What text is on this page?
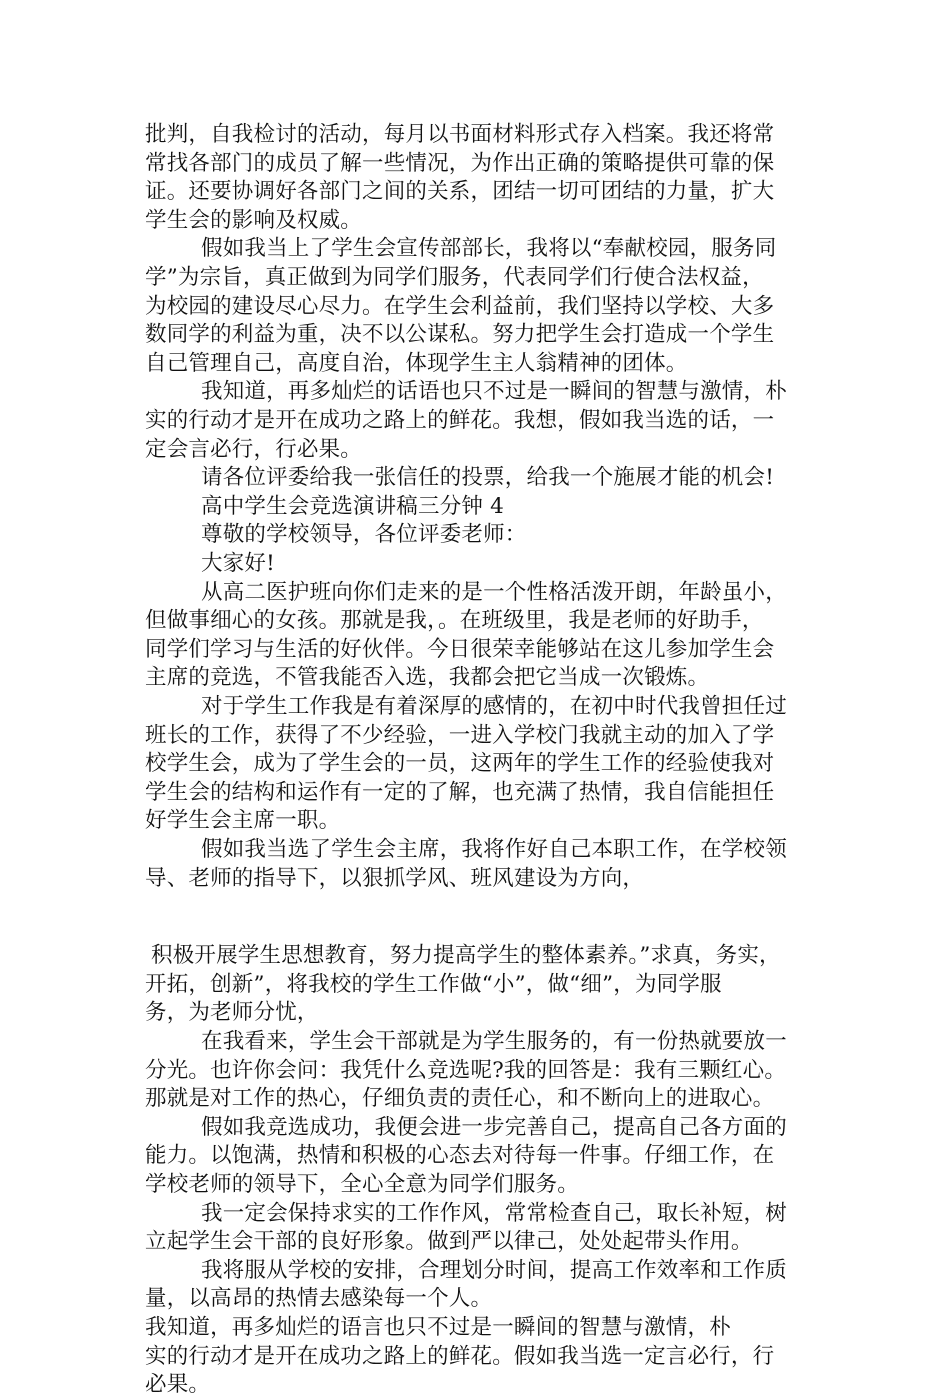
批判，自我检讨的活动，每月以书面材料形式存入档案。我还将常
常找各部门的成员了解一些情况，为作出正确的策略提供可靠的保
证。还要协调好各部门之间的关系，团结一切可团结的力量，扩大
学生会的影响及权威。
假如我当上了学生会宣传部部长，我将以“奉献校园，服务同
学”为宗旨，真正做到为同学们服务，代表同学们行使合法权益，
为校园的建设尽心尽力。在学生会利益前，我们坚持以学校、大多
数同学的利益为重，决不以公谋私。努力把学生会打造成一个学生
自己管理自己，高度自治，体现学生主人翁精神的团体。
我知道，再多灿烂的话语也只不过是一瞬间的智慧与激情，朴
实的行动才是开在成功之路上的鲜花。我想，假如我当选的话，一
定会言必行，行必果。
请各位评委给我一张信任的投票，给我一个施展才能的机会!
高中学生会竞选演讲稿三分钟 4
尊敬的学校领导，各位评委老师：
大家好!
从高二医护班向你们走来的是一个性格活泼开朗，年龄虽小，
但做事细心的女孩。那就是我，。在班级里，我是老师的好助手，
同学们学习与生活的好伙伴。今日很荣幸能够站在这儿参加学生会
主席的竞选，不管我能否入选，我都会把它当成一次锻炼。
对于学生工作我是有着深厚的感情的，在初中时代我曾担任过
班长的工作，获得了不少经验，一进入学校门我就主动的加入了学
校学生会，成为了学生会的一员，这两年的学生工作的经验使我对
学生会的结构和运作有一定的了解，也充满了热情，我自信能担任
好学生会主席一职。
假如我当选了学生会主席，我将作好自己本职工作，在学校领
导、老师的指导下，以狠抓学风、班风建设为方向，
积极开展学生思想教育，努力提高学生的整体素养。”求真，务实，
开拓，创新”，将我校的学生工作做“小”，做“细”，为同学服
务，为老师分忧，
在我看来，学生会干部就是为学生服务的，有一份热就要放一
分光。也许你会问：我凭什么竞选呢?我的回答是：我有三颗红心。
那就是对工作的热心，仔细负责的责任心，和不断向上的进取心。
假如我竞选成功，我便会进一步完善自己，提高自己各方面的
能力。以饱满，热情和积极的心态去对待每一件事。仔细工作，在
学校老师的领导下，全心全意为同学们服务。
我一定会保持求实的工作作风，常常检查自己，取长补短，树
立起学生会干部的良好形象。做到严以律己，处处起带头作用。
我将服从学校的安排，合理划分时间，提高工作效率和工作质
量，以高昂的热情去感染每一个人。
我知道，再多灿烂的语言也只不过是一瞬间的智慧与激情，朴
实的行动才是开在成功之路上的鲜花。假如我当选一定言必行，行
必果。
